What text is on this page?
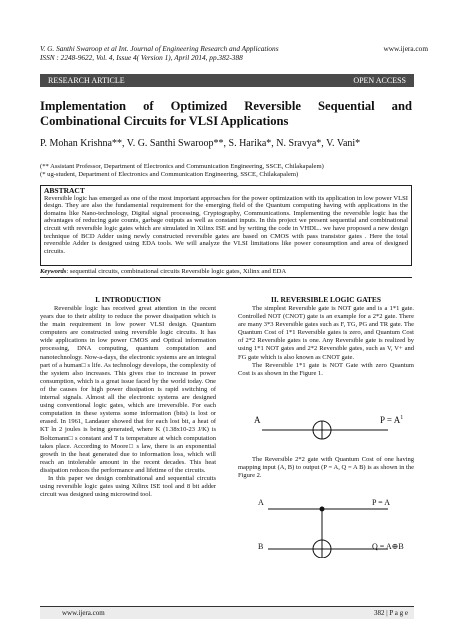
V. G. Santhi Swaroop et al Int. Journal of Engineering Research and Applications
ISSN : 2248-9622, Vol. 4, Issue 4( Version 1), April 2014, pp.382-388
www.ijera.com
RESEARCH ARTICLE	OPEN ACCESS
Implementation of Optimized Reversible Sequential and Combinational Circuits for VLSI Applications
P. Mohan Krishna**, V. G. Santhi Swaroop**, S. Harika*, N. Sravya*, V. Vani*
(** Assistant Professor, Department of Electronics and Communication Engineering, SSCE, Chilakapalem)
(* ug-student, Department of Electronics and Communication Engineering, SSCE, Chilakapalem)
ABSTRACT
Reversible logic has emerged as one of the most important approaches for the power optimization with its application in low power VLSI design. They are also the fundamental requirement for the emerging field of the Quantum computing having with applications in the domains like Nano-technology, Digital signal processing, Cryptography, Communications. Implementing the reversible logic has the advantages of reducing gate counts, garbage outputs as well as constant inputs. In this project we present sequential and combinational circuit with reversible logic gates which are simulated in Xilinx ISE and by writing the code in VHDL.. we have proposed a new design technique of BCD Adder using newly constructed reversible gates are based on CMOS with pass transistor gates . Here the total reversible Adder is designed using EDA tools. We will analyze the VLSI limitations like power consumption and area of designed circuits.
Keywords: sequential circuits, combinational circuits Reversible logic gates, Xilinx and EDA
I. INTRODUCTION

Reversible logic has received great attention in the recent years due to their ability to reduce the power dissipation which is the main requirement in low power VLSI design. Quantum computers are constructed using reversible logic circuits. It has wide applications in low power CMOS and Optical information processing, DNA computing, quantum computation and nanotechnology. Now-a-days, the electronic systems are an integral part of a human□ s life. As technology develops, the complexity of the system also increases. This gives rise to increase in power consumption, which is a great issue faced by the world today. One of the causes for high power dissipation is rapid switching of internal signals. Almost all the electronic systems are designed using conventional logic gates, which are irreversible. For each computation in these systems some information (bits) is lost or erased. In 1961, Landauer showed that for each lost bit, a heat of KT ln 2 joules is being generated, where K (1.38x10-23 J/K) is Boltzmann□ s constant and T is temperature at which computation takes place. According to Moore□ s law, there is an exponential growth in the heat generated due to information loss, which will reach an intolerable amount in the recent decades. This heat dissipation reduces the performance and lifetime of the circuits.

In this paper we design combinational and sequential circuits using reversible logic gates using Xilinx ISE tool and 8 bit adder circuit was designed using microwind tool.

II. REVERSIBLE LOGIC GATES

The simplest Reversible gate is NOT gate and is a 1*1 gate. Controlled NOT (CNOT) gate is an example for a 2*2 gate. There are many 3*3 Reversible gates such as F, TG, PG and TR gate. The Quantum Cost of 1*1 Reversible gates is zero, and Quantum Cost of 2*2 Reversible gates is one. Any Reversible gate is realized by using 1*1 NOT gates and 2*2 Reversible gates, such as V, V+ and FG gate which is also known as CNOT gate.

The Reversible 1*1 gate is NOT Gate with zero Quantum Cost is as shown in the Figure 1.

A	$P = A^1$

The Reversible 2*2 gate with Quantum Cost of one having mapping input (A, B) to output (P = A, Q = A B) is as shown in the Figure 2.

A
B
P = A
Q = A⊕B
www.ijera.com	382 | P a g e
